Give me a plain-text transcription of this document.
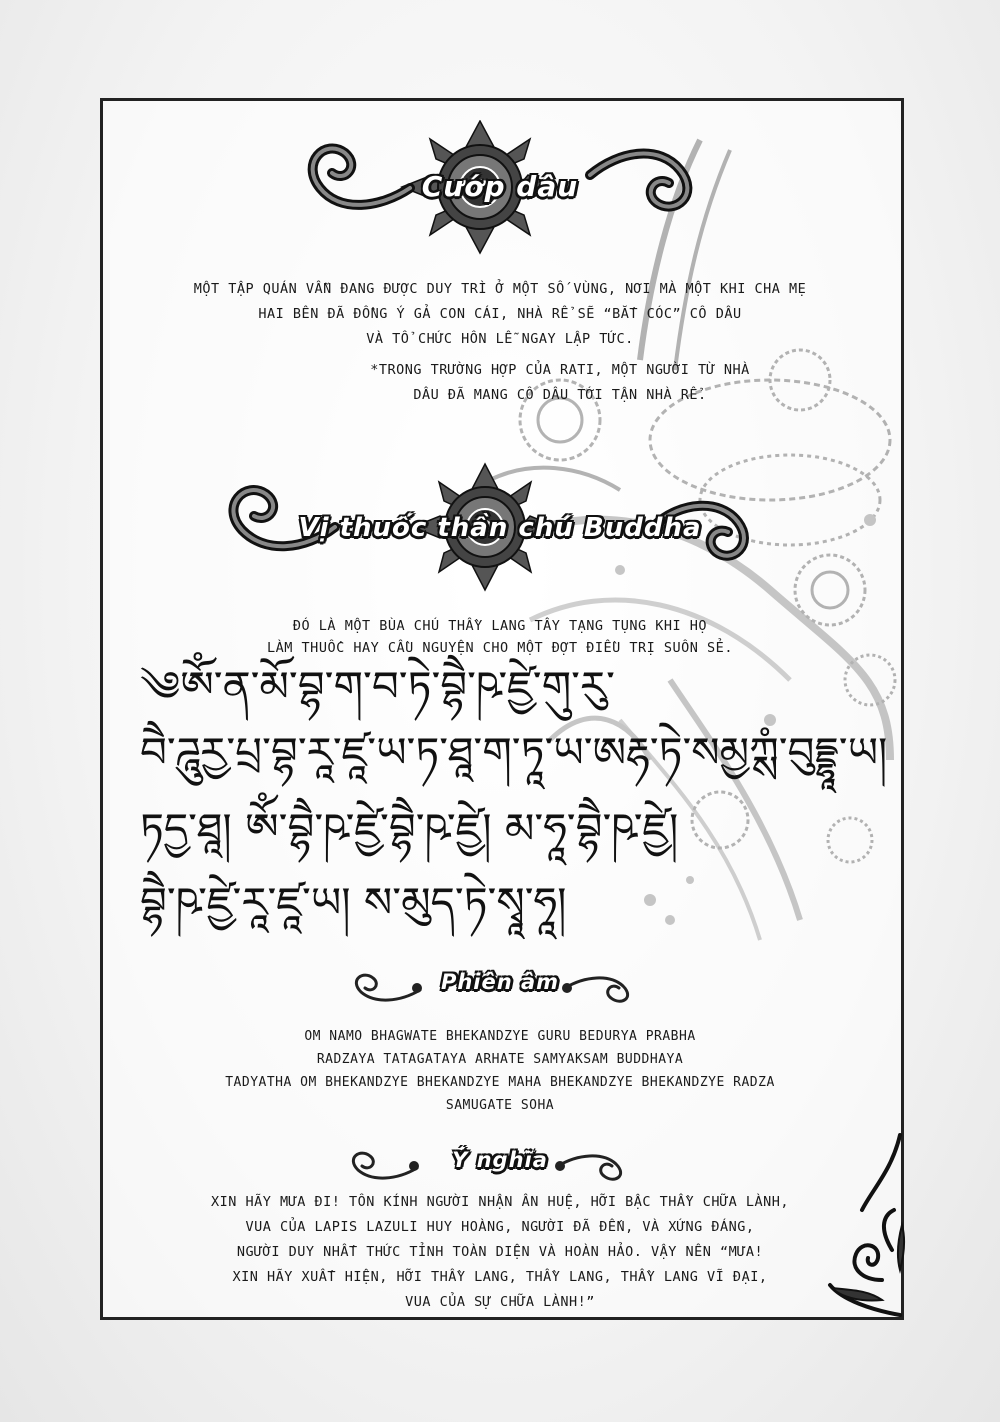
Cướp dâu
MỘT TẬP QUÁN VẪN ĐANG ĐƯỢC DUY TRÌ Ở MỘT SỐ VÙNG, NƠI MÀ MỘT KHI CHA MẸ
HAI BÊN ĐÃ ĐỒNG Ý GẢ CON CÁI, NHÀ RỂ SẼ “BẮT CÓC” CÔ DÂU
VÀ TỔ CHỨC HÔN LỄ NGAY LẬP TỨC.
*TRONG TRƯỜNG HỢP CỦA RATI, MỘT NGƯỜI TỪ NHÀ
DÂU ĐÃ MANG CÔ DÂU TỚI TẬN NHÀ RỂ.
Vị thuốc thần chú Buddha
ĐÓ LÀ MỘT BÙA CHÚ THẦY LANG TÂY TẠNG TỤNG KHI HỌ
LÀM THUỐC HAY CẦU NGUYỆN CHO MỘT ĐỢT ĐIỀU TRỊ SUÔN SẺ.
༄ༀ་ན་མོ་བྷ་ག་བ་ཏེ་བྷཻ་ཥ་ཛྱེ་གུ་རུ་
བཻ་ཌཱུརྱ་པྲ་བྷ་རཱ་ཛཱ་ཡ་ཏ་ཐཱ་ག་ཏཱ་ཡ་ཨརྷ་ཏེ་སམྱཀྶཾ་བུདྡྷཱ་ཡ།
ཏདྱ་ཐཱ། ༀ་བྷཻ་ཥ་ཛྱེ་བྷཻ་ཥ་ཛྱེ། མ་ཧཱ་བྷཻ་ཥ་ཛྱེ།
བྷཻ་ཥ་ཛྱེ་རཱ་ཛཱ་ཡ། ས་མུད་ཏེ་སྭཱ་ཧཱ།
Phiên âm
OM NAMO BHAGWATE BHEKANDZYE GURU BEDURYA PRABHA
RADZAYA TATAGATAYA ARHATE SAMYAKSAM BUDDHAYA
TADYATHA OM BHEKANDZYE BHEKANDZYE MAHA BHEKANDZYE BHEKANDZYE RADZA
SAMUGATE SOHA
Ý nghĩa
XIN HÃY MƯA ĐI! TÔN KÍNH NGƯỜI NHẬN ÂN HUỆ, HỠI BẬC THẦY CHỮA LÀNH,
VUA CỦA LAPIS LAZULI HUY HOÀNG, NGƯỜI ĐÃ ĐẾN, VÀ XỨNG ĐÁNG,
NGƯỜI DUY NHẤT THỨC TỈNH TOÀN DIỆN VÀ HOÀN HẢO. VẬY NÊN “MƯA!
XIN HÃY XUẤT HIỆN, HỠI THẦY LANG, THẦY LANG, THẦY LANG VĨ ĐẠI,
VUA CỦA SỰ CHỮA LÀNH!”
